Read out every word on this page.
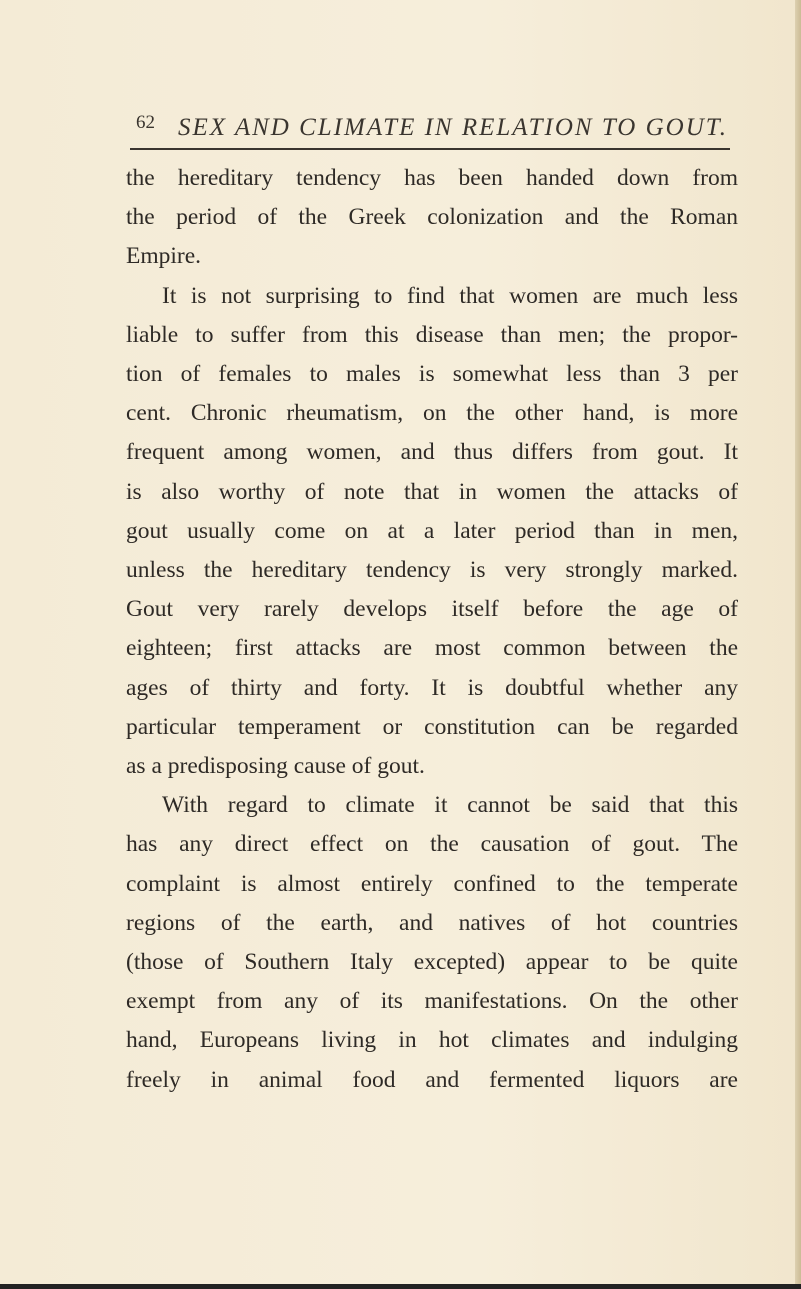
62 SEX AND CLIMATE IN RELATION TO GOUT.
the hereditary tendency has been handed down from
the period of the Greek colonization and the Roman
Empire.
It is not surprising to find that women are much less
liable to suffer from this disease than men; the propor-
tion of females to males is somewhat less than 3 per
cent. Chronic rheumatism, on the other hand, is more
frequent among women, and thus differs from gout. It
is also worthy of note that in women the attacks of
gout usually come on at a later period than in men,
unless the hereditary tendency is very strongly marked.
Gout very rarely develops itself before the age of
eighteen; first attacks are most common between the
ages of thirty and forty. It is doubtful whether any
particular temperament or constitution can be regarded
as a predisposing cause of gout.
With regard to climate it cannot be said that this
has any direct effect on the causation of gout. The
complaint is almost entirely confined to the temperate
regions of the earth, and natives of hot countries
(those of Southern Italy excepted) appear to be quite
exempt from any of its manifestations. On the other
hand, Europeans living in hot climates and indulging
freely in animal food and fermented liquors are
